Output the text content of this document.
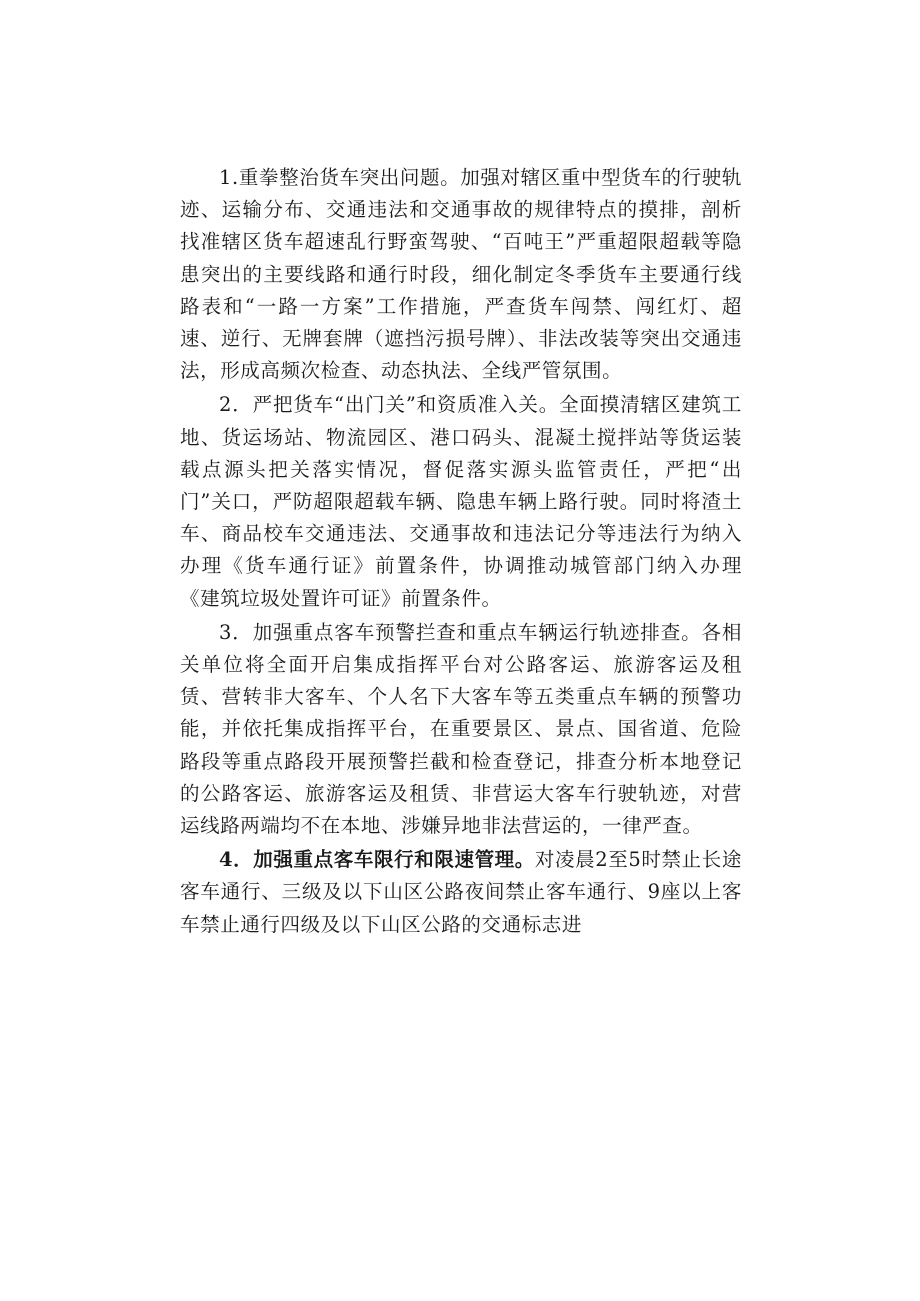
1.重拳整治货车突出问题。加强对辖区重中型货车的行驶轨迹、运输分布、交通违法和交通事故的规律特点的摸排，剖析找准辖区货车超速乱行野蛮驾驶、“百吨王”严重超限超载等隐患突出的主要线路和通行时段，细化制定冬季货车主要通行线路表和“一路一方案”工作措施，严查货车闯禁、闯红灯、超速、逆行、无牌套牌（遮挡污损号牌）、非法改装等突出交通违法，形成高频次检查、动态执法、全线严管氛围。

2．严把货车“出门关”和资质准入关。全面摸清辖区建筑工地、货运场站、物流园区、港口码头、混凝土搅拌站等货运装载点源头把关落实情况，督促落实源头监管责任，严把“出门”关口，严防超限超载车辆、隐患车辆上路行驶。同时将渣土车、商品校车交通违法、交通事故和违法记分等违法行为纳入办理《货车通行证》前置条件，协调推动城管部门纳入办理《建筑垃圾处置许可证》前置条件。

3．加强重点客车预警拦查和重点车辆运行轨迹排查。各相关单位将全面开启集成指挥平台对公路客运、旅游客运及租赁、营转非大客车、个人名下大客车等五类重点车辆的预警功能，并依托集成指挥平台，在重要景区、景点、国省道、危险路段等重点路段开展预警拦截和检查登记，排查分析本地登记的公路客运、旅游客运及租赁、非营运大客车行驶轨迹，对营运线路两端均不在本地、涉嫌异地非法营运的，一律严查。

4．加强重点客车限行和限速管理。对凌晨2至5时禁止长途客车通行、三级及以下山区公路夜间禁止客车通行、9座以上客车禁止通行四级及以下山区公路的交通标志进
